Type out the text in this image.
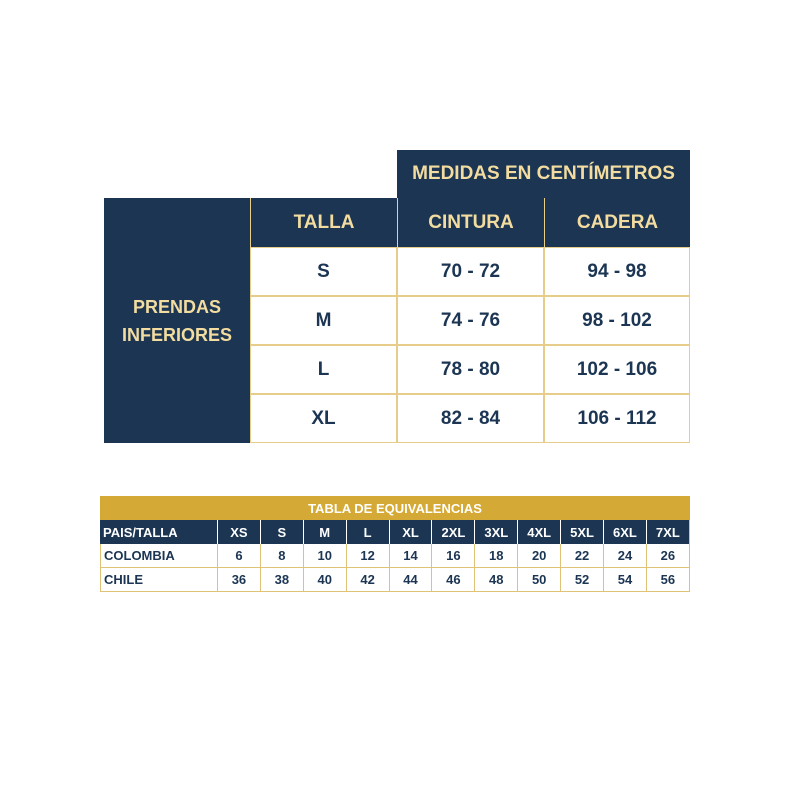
MEDIDAS EN CENTÍMETROS
PRENDAS
INFERIORES
TALLA	CINTURA	CADERA
S	70 - 72	94 - 98
M	74 - 76	98 - 102
L	78 - 80	102 - 106
XL	82 - 84	106 - 112
TABLA DE EQUIVALENCIAS
PAIS/TALLA	XS	S	M	L	XL	2XL	3XL	4XL	5XL	6XL	7XL
COLOMBIA	6	8	10	12	14	16	18	20	22	24	26
CHILE	36	38	40	42	44	46	48	50	52	54	56
